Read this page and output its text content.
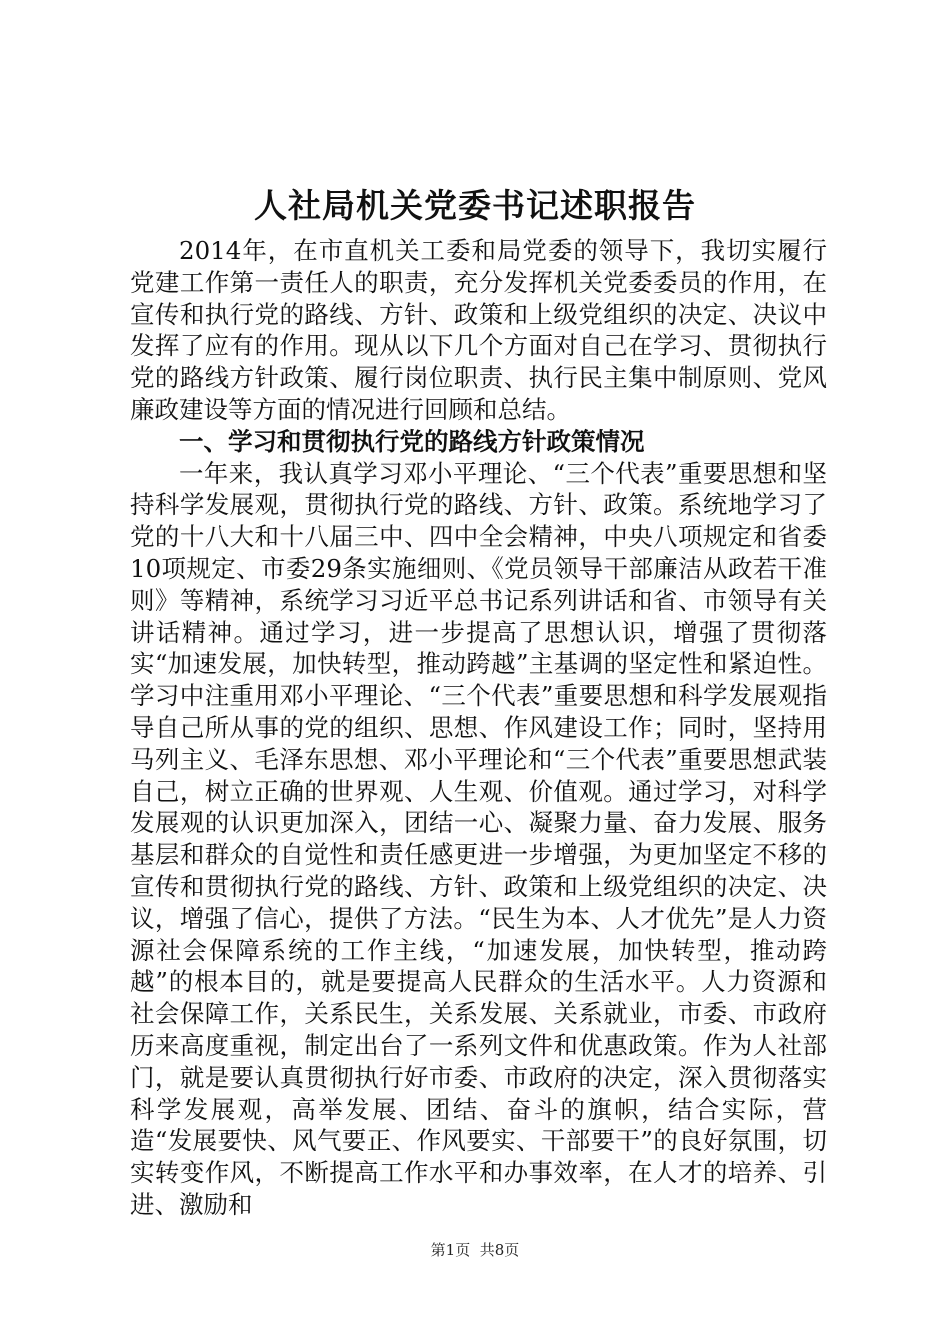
人社局机关党委书记述职报告

2014年，在市直机关工委和局党委的领导下，我切实履行党建工作第一责任人的职责，充分发挥机关党委委员的作用，在宣传和执行党的路线、方针、政策和上级党组织的决定、决议中发挥了应有的作用。现从以下几个方面对自己在学习、贯彻执行党的路线方针政策、履行岗位职责、执行民主集中制原则、党风廉政建设等方面的情况进行回顾和总结。

一、学习和贯彻执行党的路线方针政策情况

一年来，我认真学习邓小平理论、“三个代表”重要思想和坚持科学发展观，贯彻执行党的路线、方针、政策。系统地学习了党的十八大和十八届三中、四中全会精神，中央八项规定和省委10项规定、市委29条实施细则、《党员领导干部廉洁从政若干准则》等精神，系统学习习近平总书记系列讲话和省、市领导有关讲话精神。通过学习，进一步提高了思想认识，增强了贯彻落实“加速发展，加快转型，推动跨越”主基调的坚定性和紧迫性。学习中注重用邓小平理论、“三个代表”重要思想和科学发展观指导自己所从事的党的组织、思想、作风建设工作；同时，坚持用马列主义、毛泽东思想、邓小平理论和“三个代表”重要思想武装自己，树立正确的世界观、人生观、价值观。通过学习，对科学发展观的认识更加深入，团结一心、凝聚力量、奋力发展、服务基层和群众的自觉性和责任感更进一步增强，为更加坚定不移的宣传和贯彻执行党的路线、方针、政策和上级党组织的决定、决议，增强了信心，提供了方法。“民生为本、人才优先”是人力资源社会保障系统的工作主线，“加速发展，加快转型，推动跨越”的根本目的，就是要提高人民群众的生活水平。人力资源和社会保障工作，关系民生，关系发展、关系就业，市委、市政府历来高度重视，制定出台了一系列文件和优惠政策。作为人社部门，就是要认真贯彻执行好市委、市政府的决定，深入贯彻落实科学发展观，高举发展、团结、奋斗的旗帜，结合实际，营造“发展要快、风气要正、作风要实、干部要干”的良好氛围，切实转变作风，不断提高工作水平和办事效率，在人才的培养、引进、激励和

第1页 共8页
